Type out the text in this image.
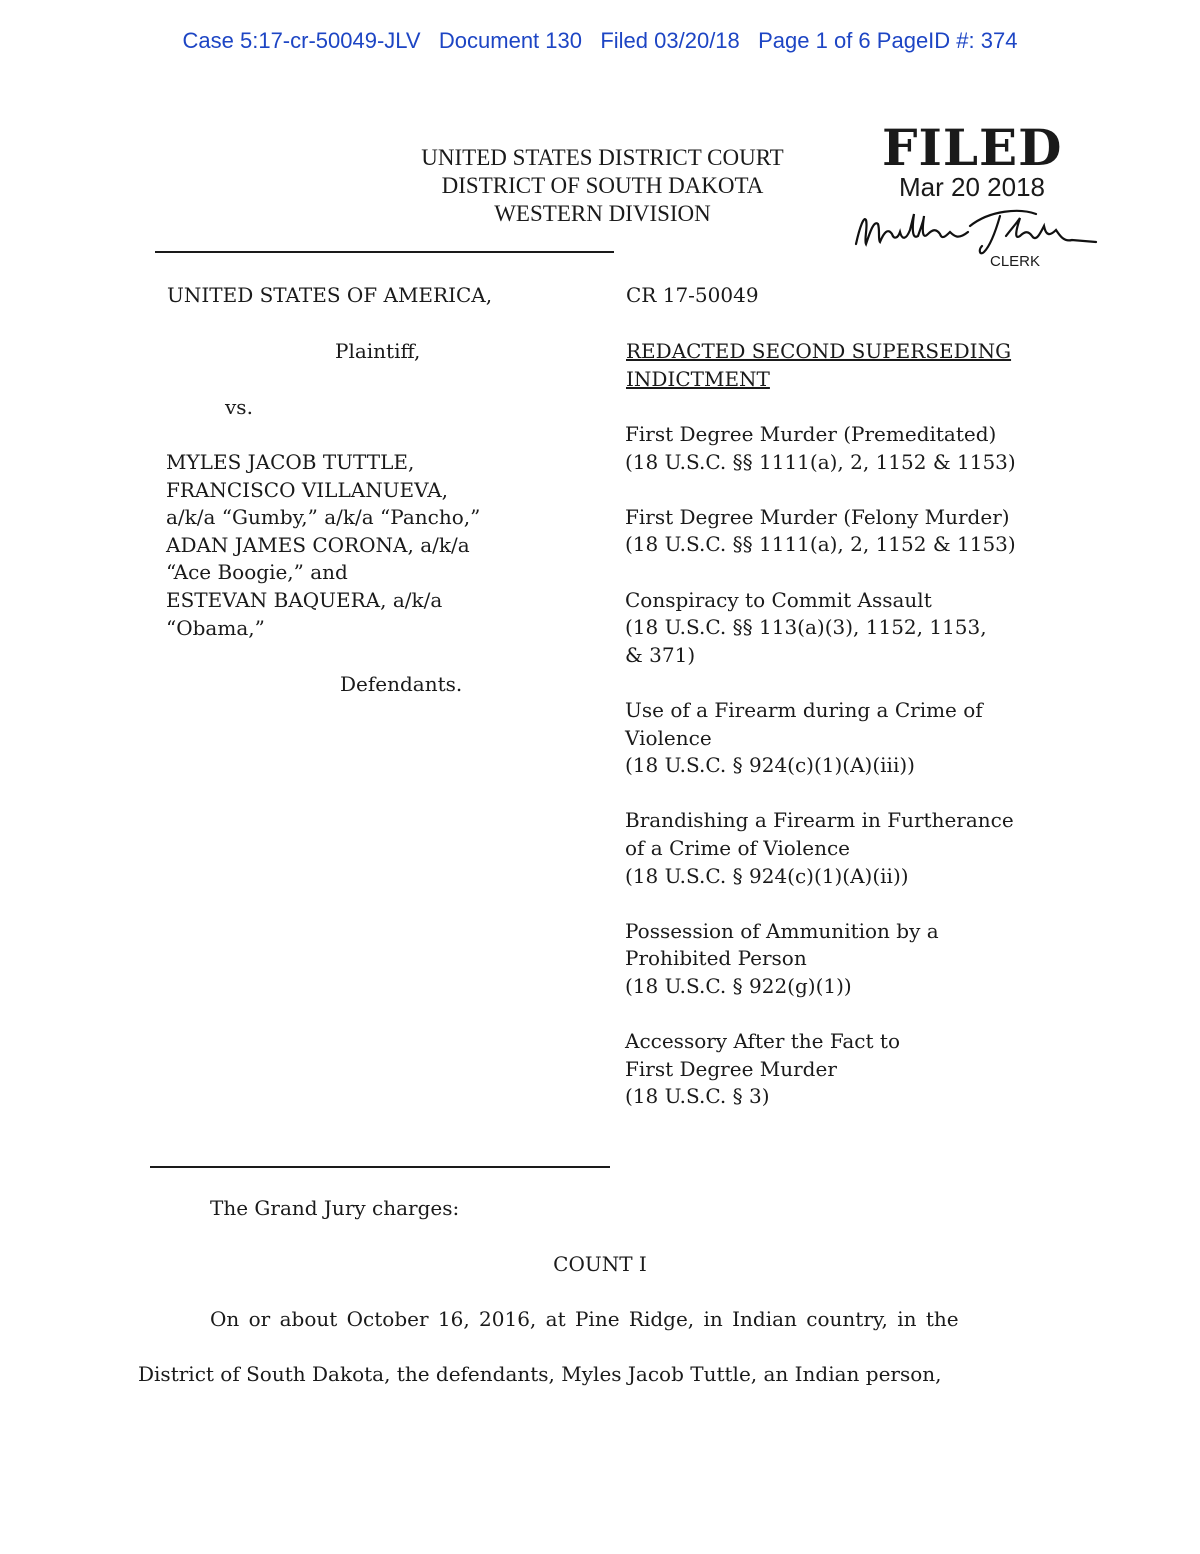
Case 5:17-cr-50049-JLV Document 130 Filed 03/20/18 Page 1 of 6 PageID #: 374
UNITED STATES DISTRICT COURT
DISTRICT OF SOUTH DAKOTA
WESTERN DIVISION
FILED
Mar 20 2018
CLERK
UNITED STATES OF AMERICA,
Plaintiff,
vs.
MYLES JACOB TUTTLE,
FRANCISCO VILLANUEVA,
a/k/a “Gumby,” a/k/a “Pancho,”
ADAN JAMES CORONA, a/k/a
“Ace Boogie,” and
ESTEVAN BAQUERA, a/k/a
“Obama,”
Defendants.
CR 17-50049
REDACTED SECOND SUPERSEDING
INDICTMENT
First Degree Murder (Premeditated)
(18 U.S.C. §§ 1111(a), 2, 1152 & 1153)
First Degree Murder (Felony Murder)
(18 U.S.C. §§ 1111(a), 2, 1152 & 1153)
Conspiracy to Commit Assault
(18 U.S.C. §§ 113(a)(3), 1152, 1153,
& 371)
Use of a Firearm during a Crime of
Violence
(18 U.S.C. § 924(c)(1)(A)(iii))
Brandishing a Firearm in Furtherance
of a Crime of Violence
(18 U.S.C. § 924(c)(1)(A)(ii))
Possession of Ammunition by a
Prohibited Person
(18 U.S.C. § 922(g)(1))
Accessory After the Fact to
First Degree Murder
(18 U.S.C. § 3)
The Grand Jury charges:
COUNT I
On or about October 16, 2016, at Pine Ridge, in Indian country, in the
District of South Dakota, the defendants, Myles Jacob Tuttle, an Indian person,
